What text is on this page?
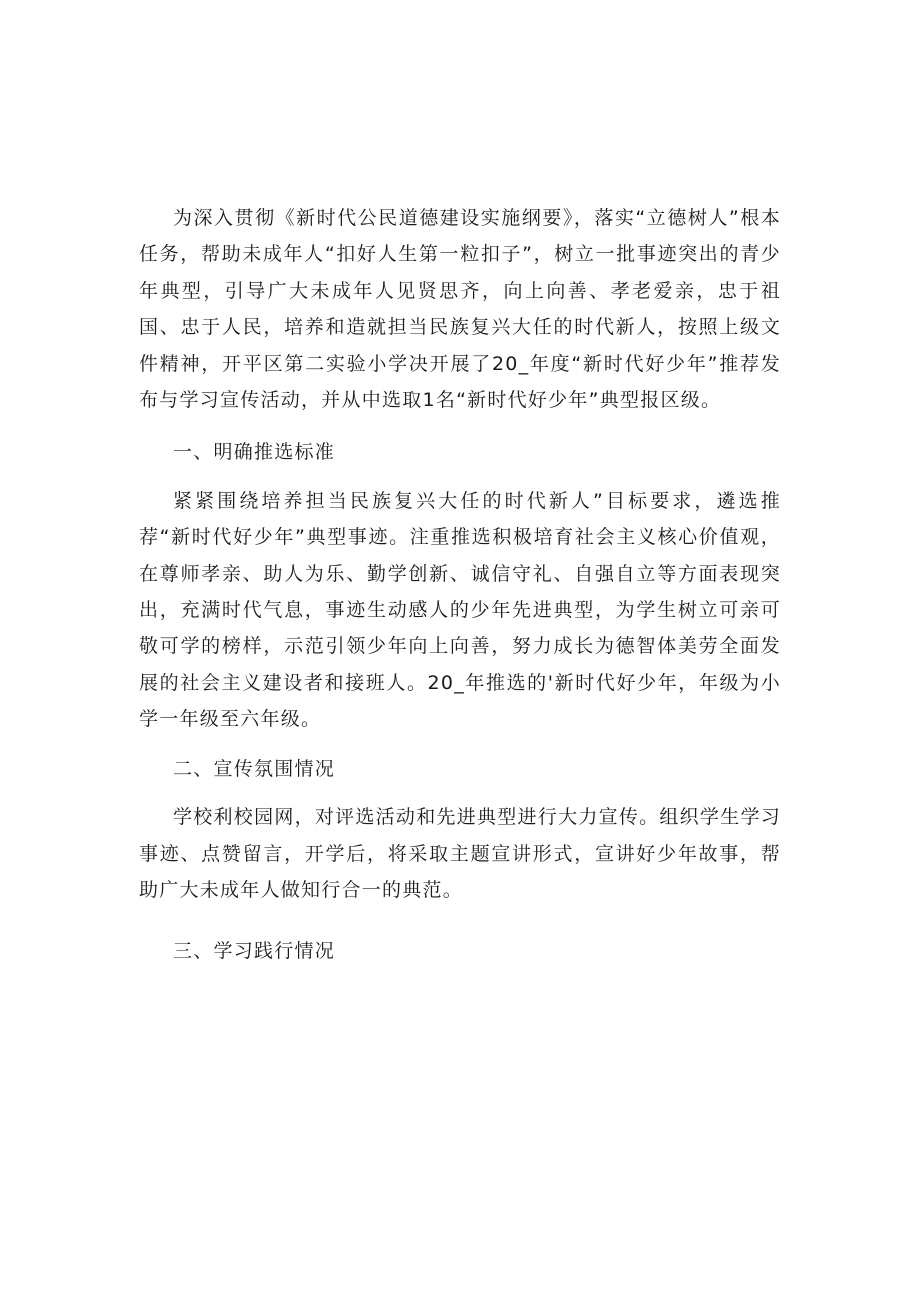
为深入贯彻《新时代公民道德建设实施纲要》，落实“立德树人”根本任务，帮助未成年人“扣好人生第一粒扣子”，树立一批事迹突出的青少年典型，引导广大未成年人见贤思齐，向上向善、孝老爱亲，忠于祖国、忠于人民，培养和造就担当民族复兴大任的时代新人，按照上级文件精神，开平区第二实验小学决开展了20_年度“新时代好少年”推荐发布与学习宣传活动，并从中选取1名“新时代好少年”典型报区级。

一、明确推选标准

紧紧围绕培养担当民族复兴大任的时代新人”目标要求，遴选推荐“新时代好少年”典型事迹。注重推选积极培育社会主义核心价值观，在尊师孝亲、助人为乐、勤学创新、诚信守礼、自强自立等方面表现突出，充满时代气息，事迹生动感人的少年先进典型，为学生树立可亲可敬可学的榜样，示范引领少年向上向善，努力成长为德智体美劳全面发展的社会主义建设者和接班人。20_年推选的'新时代好少年，年级为小学一年级至六年级。

二、宣传氛围情况

学校利校园网，对评选活动和先进典型进行大力宣传。组织学生学习事迹、点赞留言，开学后，将采取主题宣讲形式，宣讲好少年故事，帮助广大未成年人做知行合一的典范。

三、学习践行情况
